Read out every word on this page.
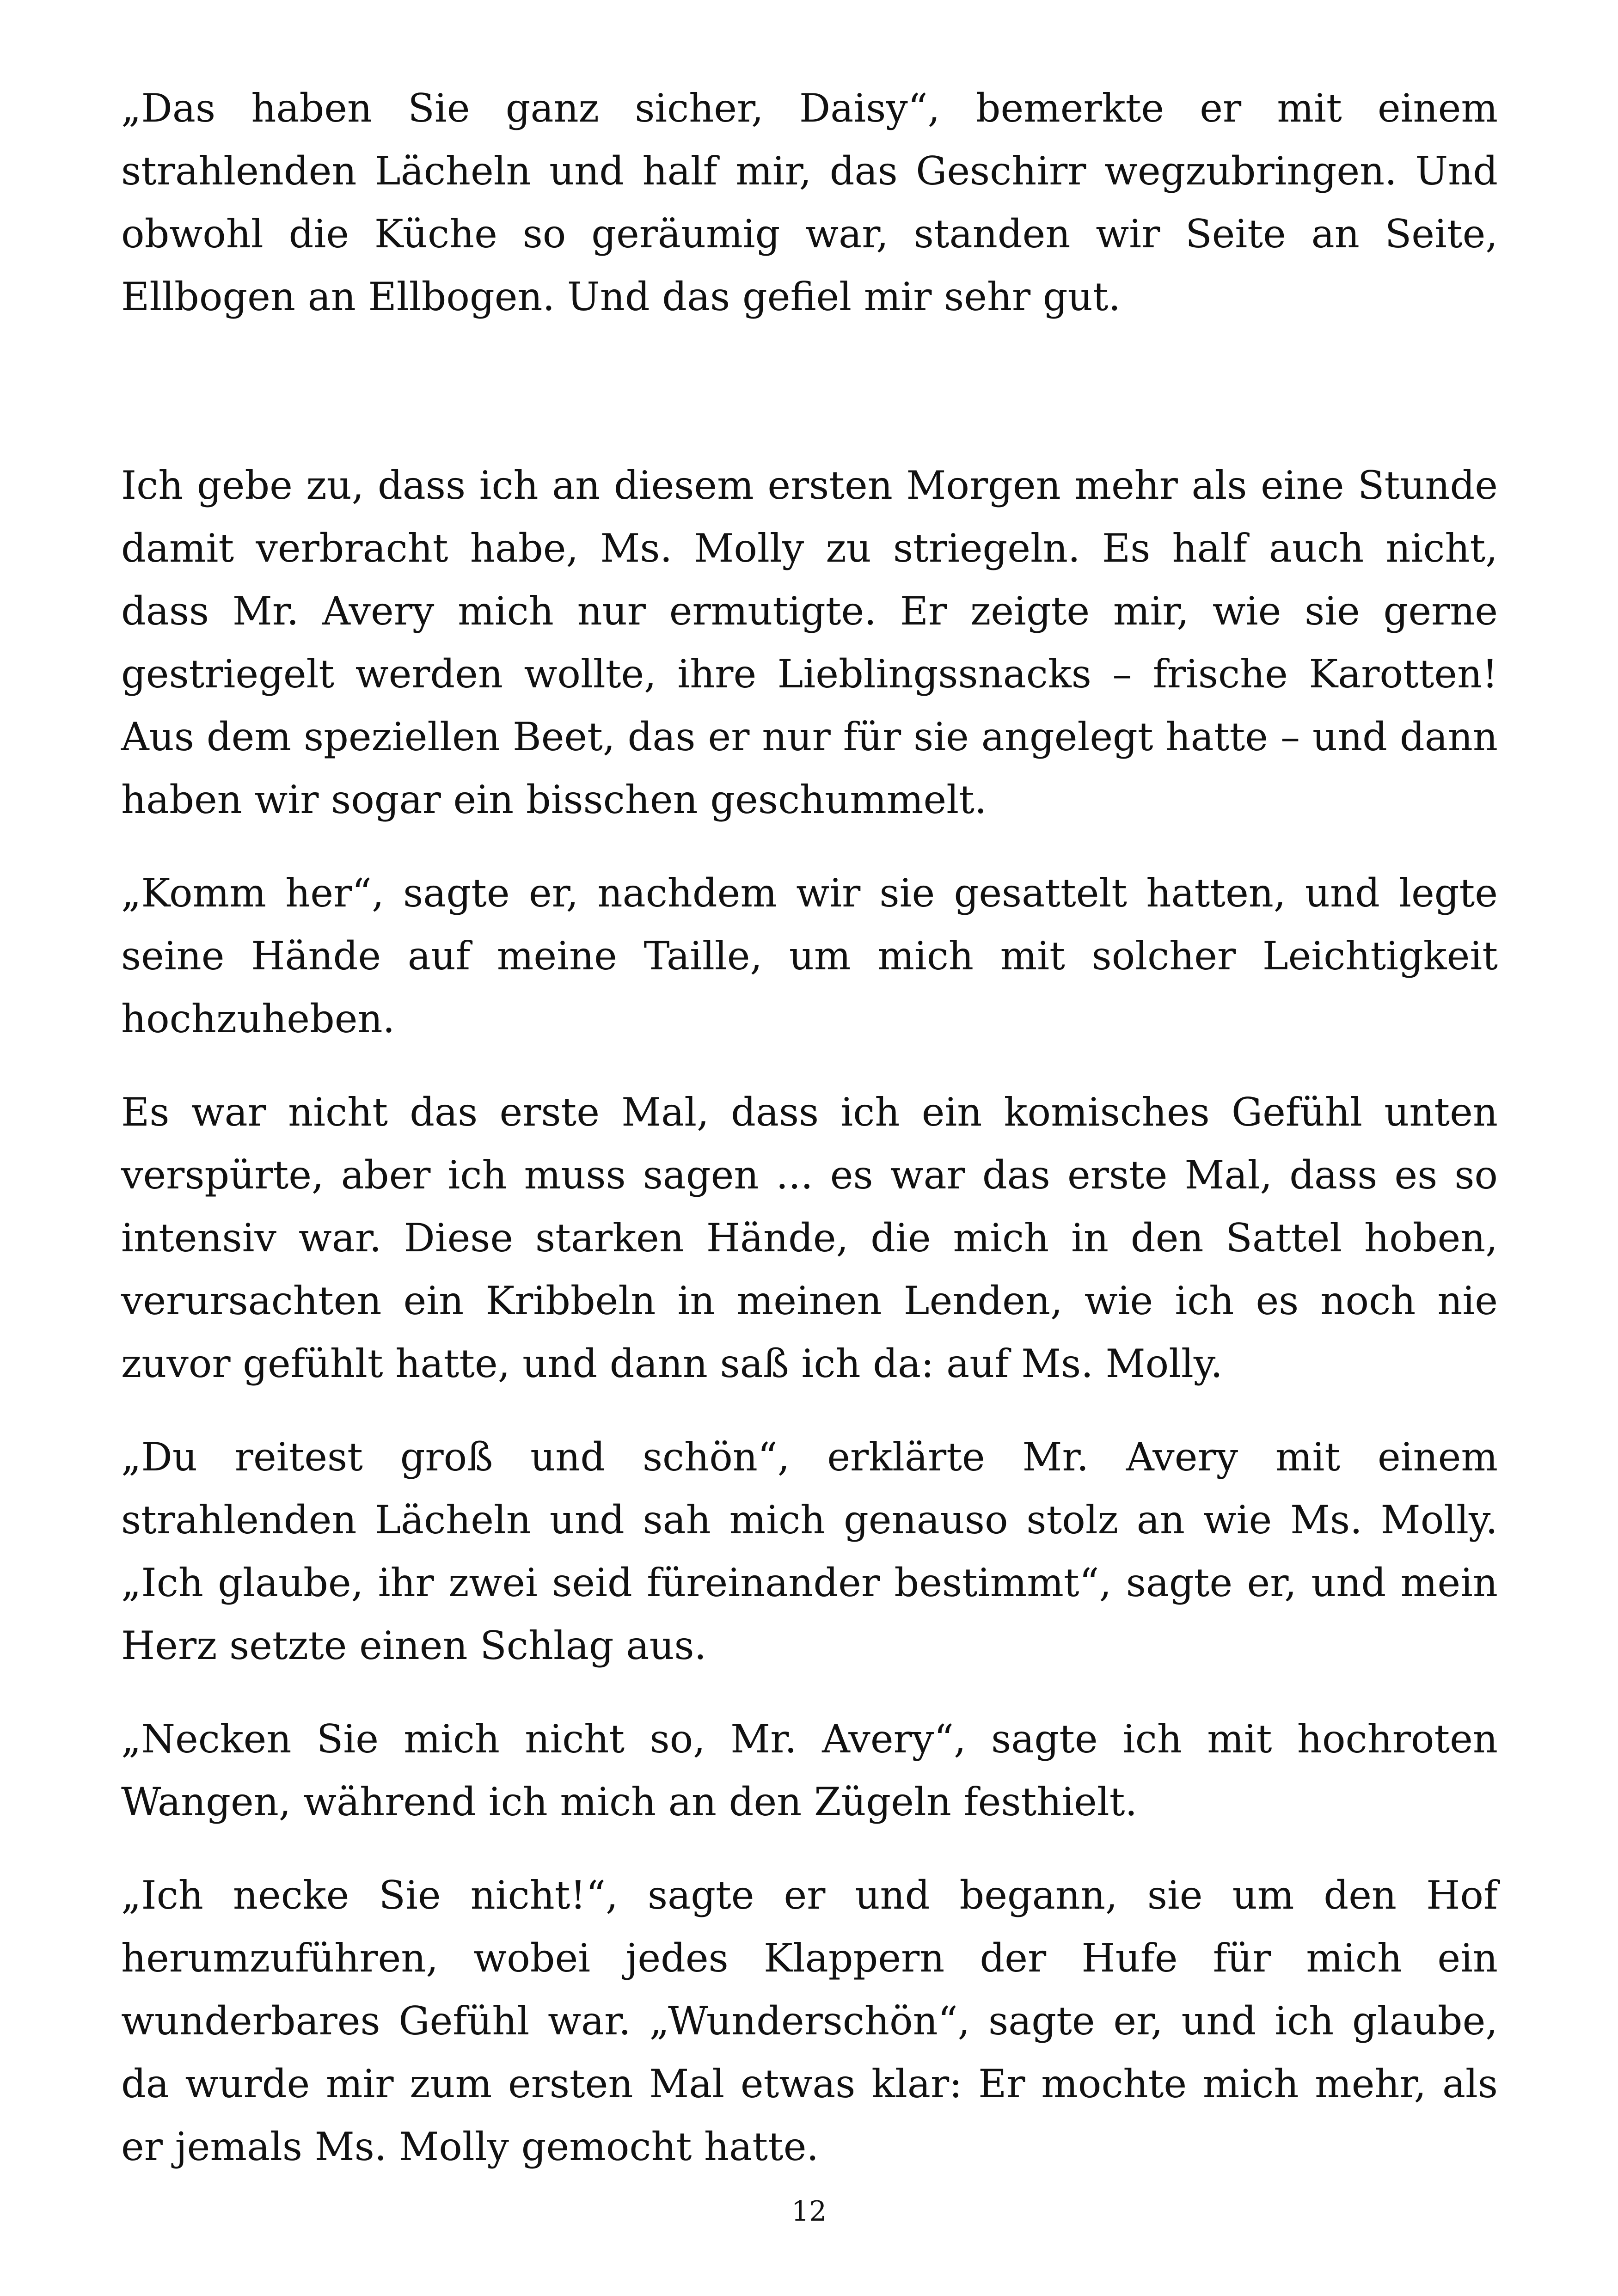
„Das haben Sie ganz sicher, Daisy“, bemerkte er mit einem strahlenden Lächeln und half mir, das Geschirr wegzubringen. Und obwohl die Küche so geräumig war, standen wir Seite an Seite, Ellbogen an Ellbogen. Und das gefiel mir sehr gut.

Ich gebe zu, dass ich an diesem ersten Morgen mehr als eine Stunde damit verbracht habe, Ms. Molly zu striegeln. Es half auch nicht, dass Mr. Avery mich nur ermutigte. Er zeigte mir, wie sie gerne gestriegelt werden wollte, ihre Lieblingssnacks – frische Karotten! Aus dem speziellen Beet, das er nur für sie angelegt hatte – und dann haben wir sogar ein bisschen geschummelt.

„Komm her“, sagte er, nachdem wir sie gesattelt hatten, und legte seine Hände auf meine Taille, um mich mit solcher Leichtigkeit hochzuheben.

Es war nicht das erste Mal, dass ich ein komisches Gefühl unten verspürte, aber ich muss sagen ... es war das erste Mal, dass es so intensiv war. Diese starken Hände, die mich in den Sattel hoben, verursachten ein Kribbeln in meinen Lenden, wie ich es noch nie zuvor gefühlt hatte, und dann saß ich da: auf Ms. Molly.

„Du reitest groß und schön“, erklärte Mr. Avery mit einem strahlenden Lächeln und sah mich genauso stolz an wie Ms. Molly. „Ich glaube, ihr zwei seid füreinander bestimmt“, sagte er, und mein Herz setzte einen Schlag aus.

„Necken Sie mich nicht so, Mr. Avery“, sagte ich mit hochroten Wangen, während ich mich an den Zügeln festhielt.

„Ich necke Sie nicht!“, sagte er und begann, sie um den Hof herumzuführen, wobei jedes Klappern der Hufe für mich ein wunderbares Gefühl war. „Wunderschön“, sagte er, und ich glaube, da wurde mir zum ersten Mal etwas klar: Er mochte mich mehr, als er jemals Ms. Molly gemocht hatte.

12
